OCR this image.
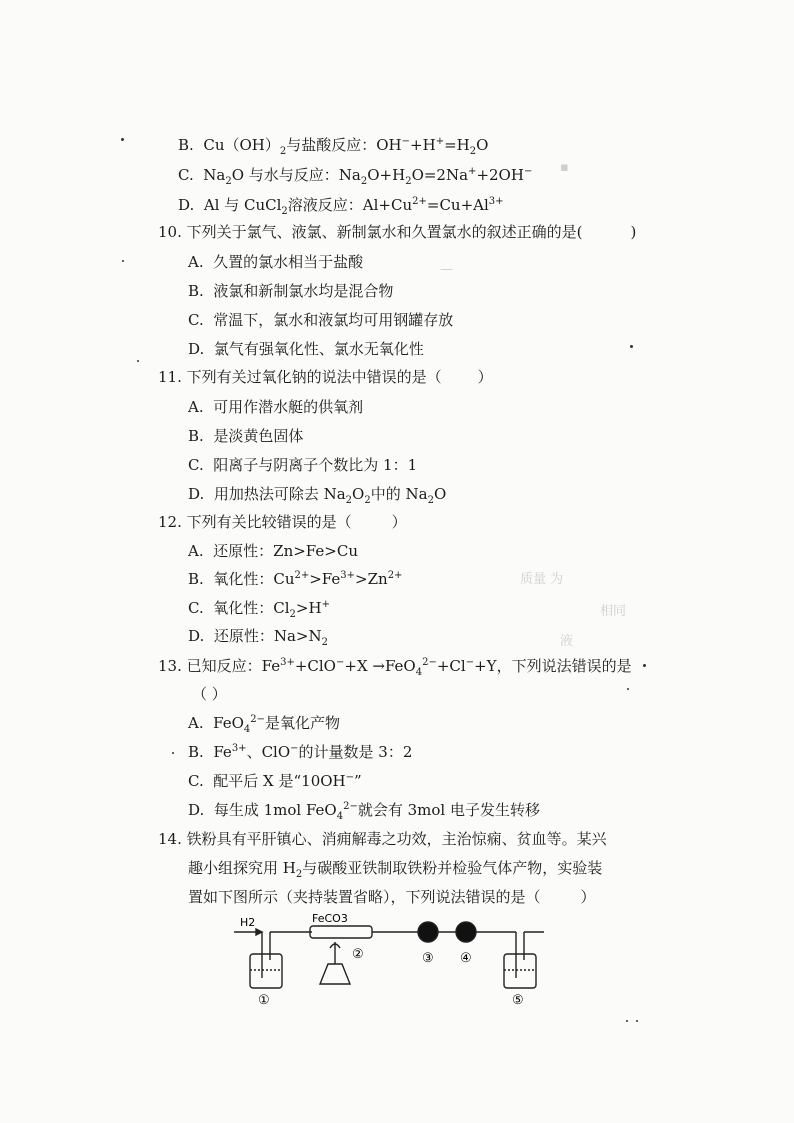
▪
—
质量 为
相同
液
B. $Cu(OH)_2$与盐酸反应：$OH^-+H^+=H_2O$
C. $Na_2O$ 与水与反应：$Na_2O+H_2O=2Na^++2OH^-$
D. Al 与 CuCl$_2$溶液反应：$Al+Cu^{2+}=Cu+Al^{3+}$
10. 下列关于氯气、液氯、新制氯水和久置氯水的叙述正确的是(	)
A. 久置的氯水相当于盐酸
B. 液氯和新制氯水均是混合物
C. 常温下，氯水和液氯均可用钢罐存放
D. 氯气有强氧化性、氯水无氧化性
11. 下列有关过氧化钠的说法中错误的是（ ）
A. 可用作潜水艇的供氧剂
B. 是淡黄色固体
C. 阳离子与阴离子个数比为 1：1
D. 用加热法可除去 $Na_2O_2$中的 $Na_2O$
12. 下列有关比较错误的是（	）
A. 还原性：Zn>Fe>Cu
B. 氧化性：$Cu^{2+}>Fe^{3+}>Zn^{2+}$
C. 氧化性：$Cl_2>H^+$
D. 还原性：$Na>N_2$
13. 已知反应：$Fe^{3+}+ClO^-+X \to FeO_4^{2-}+Cl^-+Y$，下列说法错误的是
（ ）
A. FeO$_4^{2-}$是氧化产物
B. $Fe^{3+}$、ClO−的计量数是 3：2
C. 配平后 X 是“10OH−”
D. 每生成 1mol FeO$_4^{2-}$就会有 3mol 电子发生转移
14. 铁粉具有平肝镇心、消痈解毒之功效，主治惊痫、贫血等。某兴
趣小组探究用 $H_2$与碳酸亚铁制取铁粉并检验气体产物，实验装
置如下图所示（夹持装置省略），下列说法错误的是（	）
H2	FeCO3
①
②	③ ④
⑤
